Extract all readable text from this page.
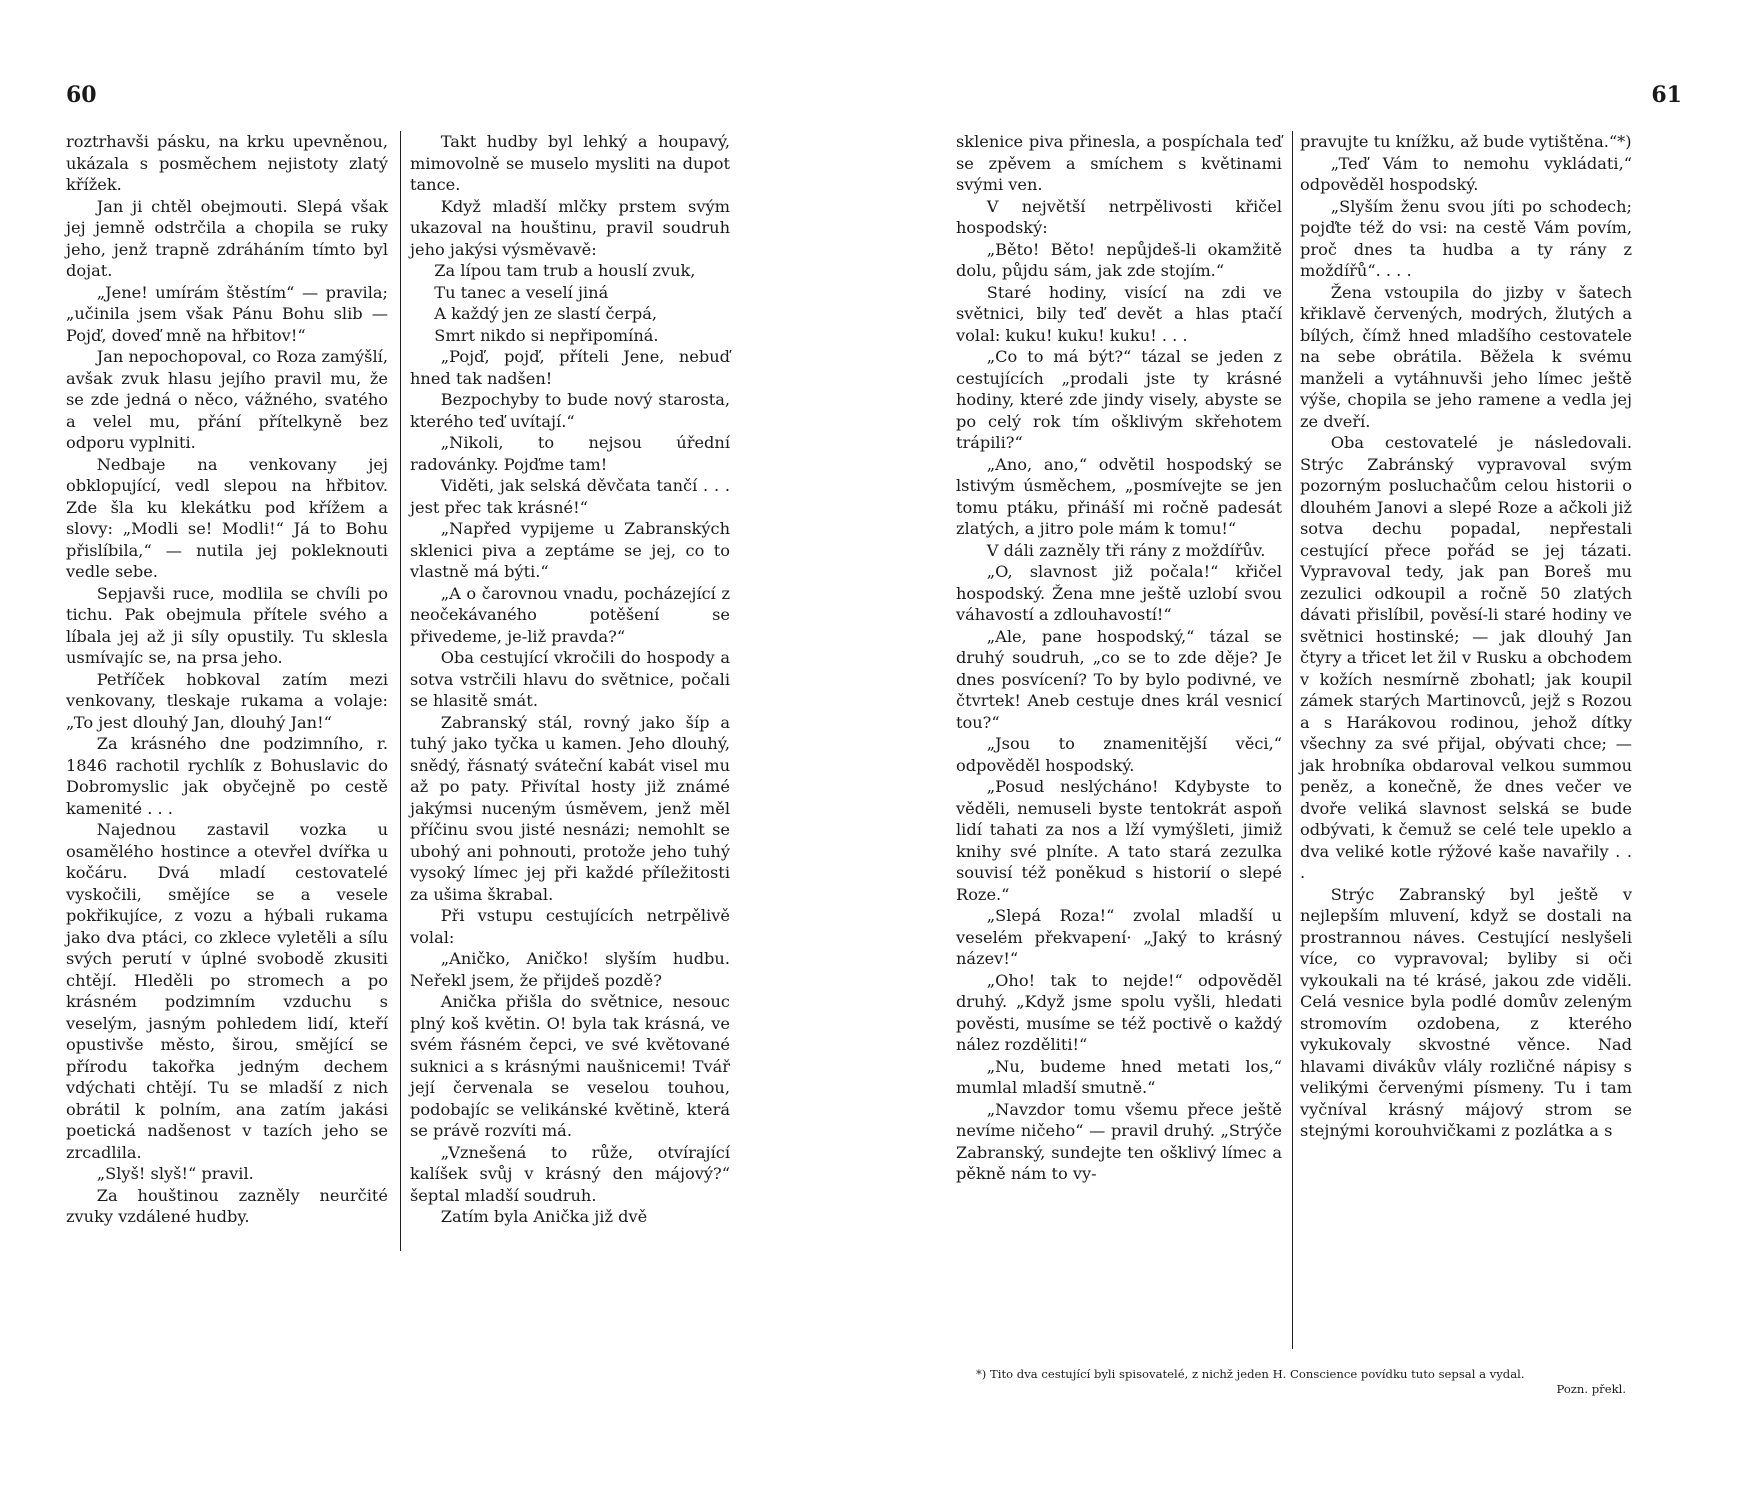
60

roztrhavši pásku, na krku upevněnou, ukázala s posměchem nejistoty zlatý křížek.

Jan ji chtěl obejmouti. Slepá však jej jemně odstrčila a chopila se ruky jeho, jenž trapně zdráháním tímto byl dojat.

„Jene! umírám štěstím“ — pravila; „učinila jsem však Pánu Bohu slib — Pojď, doveď mně na hřbitov!“

Jan nepochopoval, co Roza zamýšlí, avšak zvuk hlasu jejího pravil mu, že se zde jedná o něco, vážného, svatého a velel mu, přání přítelkyně bez odporu vyplniti.

Nedbaje na venkovany jej obklopující, vedl slepou na hřbitov. Zde šla ku klekátku pod křížem a slovy: „Modli se! Modli!“ Já to Bohu přislíbila,“ — nutila jej pokleknouti vedle sebe.

Sepjavši ruce, modlila se chvíli po tichu. Pak obejmula přítele svého a líbala jej až ji síly opustily. Tu sklesla usmívajíc se, na prsa jeho.

Petříček hobkoval zatím mezi venkovany, tleskaje rukama a volaje: „To jest dlouhý Jan, dlouhý Jan!“

Za krásného dne podzimního, r. 1846 rachotil rychlík z Bohuslavic do Dobromyslic jak obyčejně po cestě kamenité . . .

Najednou zastavil vozka u osamělého hostince a otevřel dvířka u kočáru. Dvá mladí cestovatelé vyskočili, smějíce se a vesele pokřikujíce, z vozu a hýbali rukama jako dva ptáci, co zklece vyletěli a sílu svých perutí v úplné svobodě zkusiti chtějí. Hleděli po stromech a po krásném podzimním vzduchu s veselým, jasným pohledem lidí, kteří opustivše město, širou, smějící se přírodu takořka jedným dechem vdýchati chtějí. Tu se mladší z nich obrátil k polním, ana zatím jakási poetická nadšenost v tazích jeho se zrcadlila.

„Slyš! slyš!“ pravil.

Za houštinou zazněly neurčité zvuky vzdálené hudby.

Takt hudby byl lehký a houpavý, mimovolně se muselo mysliti na dupot tance.

Když mladší mlčky prstem svým ukazoval na houštinu, pravil soudruh jeho jakýsi výsměvavě:

Za lípou tam trub a houslí zvuk,

Tu tanec a veselí jiná

A každý jen ze slastí čerpá,

Smrt nikdo si nepřipomíná.

„Pojď, pojď, příteli Jene, nebuď hned tak nadšen!

Bezpochyby to bude nový starosta, kterého teď uvítají.“

„Nikoli, to nejsou úřední radovánky. Pojďme tam!

Viděti, jak selská děvčata tančí . . . jest přec tak krásné!“

„Napřed vypijeme u Zabranských sklenici piva a zeptáme se jej, co to vlastně má býti.“

„A o čarovnou vnadu, pocházející z neočekávaného potěšení se přivedeme, je-liž pravda?“

Oba cestující vkročili do hospody a sotva vstrčili hlavu do světnice, počali se hlasitě smát.

Zabranský stál, rovný jako šíp a tuhý jako tyčka u kamen. Jeho dlouhý, snědý, řásnatý sváteční kabát visel mu až po paty. Přivítal hosty již známé jakýmsi nuceným úsměvem, jenž měl příčinu svou jisté nesnázi; nemohlt se ubohý ani pohnouti, protože jeho tuhý vysoký límec jej při každé příležitosti za ušima škrabal.

Při vstupu cestujících netrpělivě volal:

„Aničko, Aničko! slyším hudbu. Neřekl jsem, že přijdeš pozdě?

Anička přišla do světnice, nesouc plný koš květin. O! byla tak krásná, ve svém řásném čepci, ve své květované suknici a s krásnými naušnicemi! Tvář její červenala se veselou touhou, podobajíc se velikánské květině, která se právě rozvíti má.

„Vznešená to růže, otvírající kalíšek svůj v krásný den májový?“ šeptal mladší soudruh.

Zatím byla Anička již dvě

61

sklenice piva přinesla, a pospíchala teď se zpěvem a smíchem s květinami svými ven.

V největší netrpělivosti křičel hospodský:

„Běto! Běto! nepůjdeš-li okamžitě dolu, půjdu sám, jak zde stojím.“

Staré hodiny, visící na zdi ve světnici, bily teď devět a hlas ptačí volal: kuku! kuku! kuku! . . .

„Co to má být?“ tázal se jeden z cestujících „prodali jste ty krásné hodiny, které zde jindy visely, abyste se po celý rok tím ošklivým skřehotem trápili?“

„Ano, ano,“ odvětil hospodský se lstivým úsměchem, „posmívejte se jen tomu ptáku, přináší mi ročně padesát zlatých, a jitro pole mám k tomu!“

V dáli zazněly tři rány z moždířův.

„O, slavnost již počala!“ křičel hospodský. Žena mne ještě uzlobí svou váhavostí a zdlouhavostí!“

„Ale, pane hospodský,“ tázal se druhý soudruh, „co se to zde děje? Je dnes posvícení? To by bylo podivné, ve čtvrtek! Aneb cestuje dnes král vesnicí tou?“

„Jsou to znamenitější věci,“ odpověděl hospodský.

„Posud neslýcháno! Kdybyste to věděli, nemuseli byste tentokrát aspoň lidí tahati za nos a lží vymýšleti, jimiž knihy své plníte. A tato stará zezulka souvisí též poněkud s historií o slepé Roze.“

„Slepá Roza!“ zvolal mladší u veselém překvapení· „Jaký to krásný název!“

„Oho! tak to nejde!“ odpověděl druhý. „Když jsme spolu vyšli, hledati pověsti, musíme se též poctivě o každý nález rozděliti!“

„Nu, budeme hned metati los,“ mumlal mladší smutně.“

„Navzdor tomu všemu přece ještě nevíme ničeho“ — pravil druhý. „Strýče Zabranský, sundejte ten ošklivý límec a pěkně nám to vy-

pravujte tu knížku, až bude vytištěna.“*)

„Teď Vám to nemohu vykládati,“ odpověděl hospodský.

„Slyším ženu svou jíti po schodech; pojďte též do vsi: na cestě Vám povím, proč dnes ta hudba a ty rány z moždířů“. . . .

Žena vstoupila do jizby v šatech křiklavě červených, modrých, žlutých a bílých, čímž hned mladšího cestovatele na sebe obrátila. Běžela k svému manželi a vytáhnuvši jeho límec ještě výše, chopila se jeho ramene a vedla jej ze dveří.

Oba cestovatelé je následovali. Strýc Zabránský vypravoval svým pozorným posluchačům celou historii o dlouhém Janovi a slepé Roze a ačkoli již sotva dechu popadal, nepřestali cestující přece pořád se jej tázati. Vypravoval tedy, jak pan Boreš mu zezulici odkoupil a ročně 50 zlatých dávati přislíbil, pověsí-li staré hodiny ve světnici hostinské; — jak dlouhý Jan čtyry a třicet let žil v Rusku a obchodem v kožích nesmírně zbohatl; jak koupil zámek starých Martinovců, jejž s Rozou a s Harákovou rodinou, jehož dítky všechny za své přijal, obývati chce; — jak hrobníka obdaroval velkou summou peněz, a konečně, že dnes večer ve dvoře veliká slavnost selská se bude odbývati, k čemuž se celé tele upeklo a dva veliké kotle rýžové kaše navařily . . .

Strýc Zabranský byl ještě v nejlepším mluvení, když se dostali na prostrannou náves. Cestující neslyšeli více, co vypravoval; byliby si oči vykoukali na té krásé, jakou zde viděli. Celá vesnice byla podlé domův zeleným stromovím ozdobena, z kterého vykukovaly skvostné věnce. Nad hlavami divákův vlály rozličné nápisy s velikými červenými písmeny. Tu i tam vyčníval krásný májový strom se stejnými korouhvičkami z pozlátka a s

*) Tito dva cestující byli spisovatelé, z nichž jeden H. Conscience povídku tuto sepsal a vydal.

Pozn. překl.
